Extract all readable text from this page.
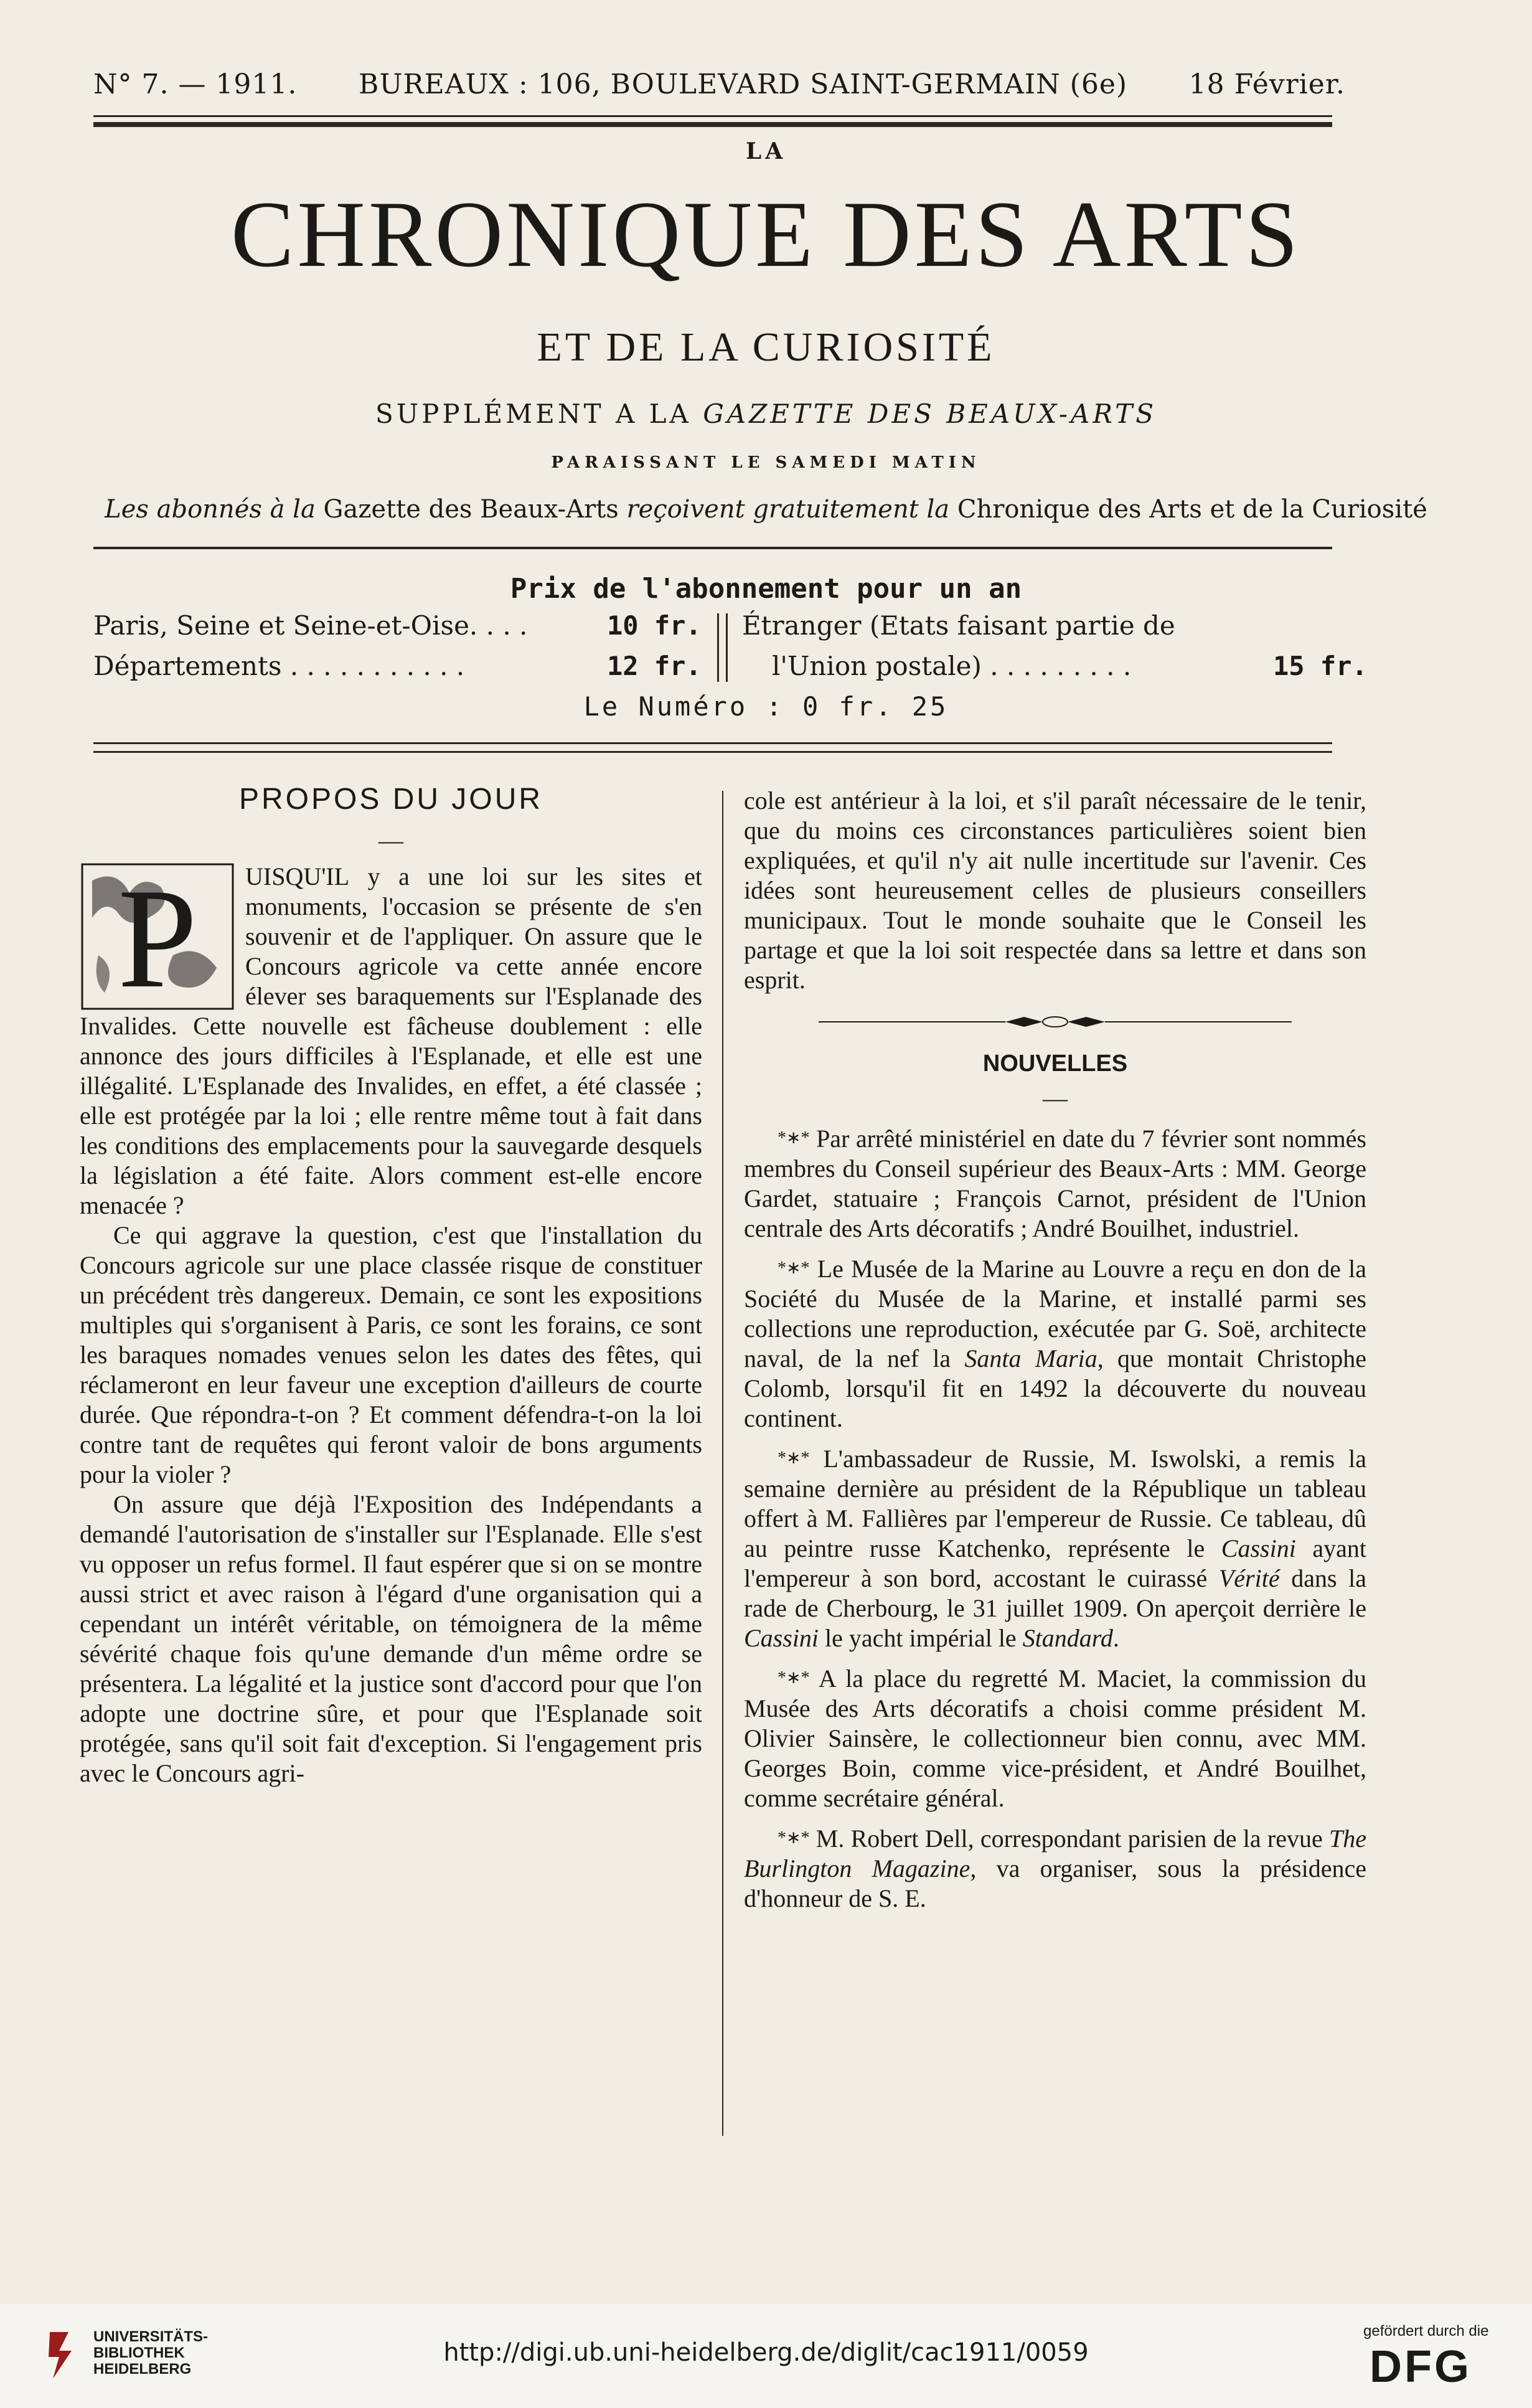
N° 7. — 1911. BUREAUX : 106, BOULEVARD SAINT-GERMAIN (6e) 18 Février.
LA
CHRONIQUE DES ARTS
ET DE LA CURIOSITÉ
SUPPLÉMENT A LA GAZETTE DES BEAUX-ARTS
PARAISSANT LE SAMEDI MATIN
Les abonnés à la Gazette des Beaux-Arts reçoivent gratuitement la Chronique des Arts et de la Curiosité
Prix de l'abonnement pour un an
Paris, Seine et Seine-et-Oise. . . .	10 fr.
Départements . . . . . . . . . . .	12 fr.
Étranger (Etats faisant partie de
l'Union postale) . . . . . . . . .	15 fr.
Le Numéro : 0 fr. 25
PROPOS DU JOUR
—
P	UISQU'IL y a une loi sur les sites et monuments, l'occasion se présente de s'en souvenir et de l'appliquer. On assure que le Concours agricole va cette année encore élever ses baraquements sur l'Esplanade des Invalides. Cette nouvelle est fâcheuse doublement : elle annonce des jours difficiles à l'Esplanade, et elle est une illégalité. L'Esplanade des Invalides, en effet, a été classée ; elle est protégée par la loi ; elle rentre même tout à fait dans les conditions des emplacements pour la sauvegarde desquels la législation a été faite. Alors comment est-elle encore menacée ?

Ce qui aggrave la question, c'est que l'installation du Concours agricole sur une place classée risque de constituer un précédent très dangereux. Demain, ce sont les expositions multiples qui s'organisent à Paris, ce sont les forains, ce sont les baraques nomades venues selon les dates des fêtes, qui réclameront en leur faveur une exception d'ailleurs de courte durée. Que répondra-t-on ? Et comment défendra-t-on la loi contre tant de requêtes qui feront valoir de bons arguments pour la violer ?

On assure que déjà l'Exposition des Indépendants a demandé l'autorisation de s'installer sur l'Esplanade. Elle s'est vu opposer un refus formel. Il faut espérer que si on se montre aussi strict et avec raison à l'égard d'une organisation qui a cependant un intérêt véritable, on témoignera de la même sévérité chaque fois qu'une demande d'un même ordre se présentera. La légalité et la justice sont d'accord pour que l'on adopte une doctrine sûre, et pour que l'Esplanade soit protégée, sans qu'il soit fait d'exception. Si l'engagement pris avec le Concours agri-

cole est antérieur à la loi, et s'il paraît nécessaire de le tenir, que du moins ces circonstances particulières soient bien expliquées, et qu'il n'y ait nulle incertitude sur l'avenir. Ces idées sont heureusement celles de plusieurs conseillers municipaux. Tout le monde souhaite que le Conseil les partage et que la loi soit respectée dans sa lettre et dans son esprit.

NOUVELLES
—

*∗* Par arrêté ministériel en date du 7 février sont nommés membres du Conseil supérieur des Beaux-Arts : MM. George Gardet, statuaire ; François Carnot, président de l'Union centrale des Arts décoratifs ; André Bouilhet, industriel.

*∗* Le Musée de la Marine au Louvre a reçu en don de la Société du Musée de la Marine, et installé parmi ses collections une reproduction, exécutée par G. Soë, architecte naval, de la nef la Santa Maria, que montait Christophe Colomb, lorsqu'il fit en 1492 la découverte du nouveau continent.

*∗* L'ambassadeur de Russie, M. Iswolski, a remis la semaine dernière au président de la République un tableau offert à M. Fallières par l'empereur de Russie. Ce tableau, dû au peintre russe Katchenko, représente le Cassini ayant l'empereur à son bord, accostant le cuirassé Vérité dans la rade de Cherbourg, le 31 juillet 1909. On aperçoit derrière le Cassini le yacht impérial le Standard.

*∗* A la place du regretté M. Maciet, la commission du Musée des Arts décoratifs a choisi comme président M. Olivier Sainsère, le collectionneur bien connu, avec MM. Georges Boin, comme vice-président, et André Bouilhet, comme secrétaire général.

*∗* M. Robert Dell, correspondant parisien de la revue The Burlington Magazine, va organiser, sous la présidence d'honneur de S. E.

UNIVERSITÄTS-
BIBLIOTHEK
HEIDELBERG
http://digi.ub.uni-heidelberg.de/diglit/cac1911/0059
gefördert durch die
DFG
